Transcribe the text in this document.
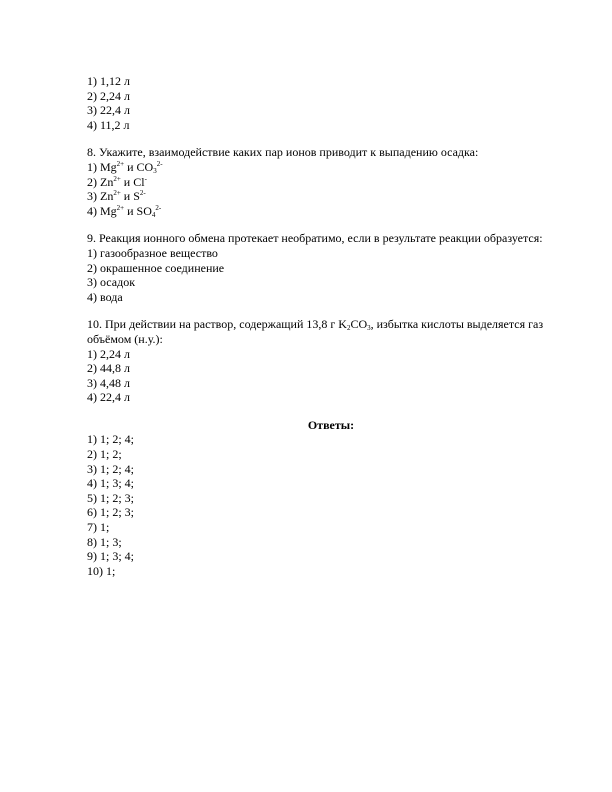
1) 1,12 л
2) 2,24 л
3) 22,4 л
4) 11,2 л
8. Укажите, взаимодействие каких пар ионов приводит к выпадению осадка:
1) $Mg^{2+}$ и $CO_3^{2-}$
2) $Zn^{2+}$ и Cl-
3) $Zn^{2+}$ и $S^{2-}$
4) $Mg^{2+}$ и $SO_4^{2-}$
9. Реакция ионного обмена протекает необратимо, если в результате реакции образуется:
1) газообразное вещество
2) окрашенное соединение
3) осадок
4) вода
10. При действии на раствор, содержащий 13,8 г $K_2CO_3$, избытка кислоты выделяется газ
объёмом (н.у.):
1) 2,24 л
2) 44,8 л
3) 4,48 л
4) 22,4 л
Ответы:
1) 1; 2; 4;
2) 1; 2;
3) 1; 2; 4;
4) 1; 3; 4;
5) 1; 2; 3;
6) 1; 2; 3;
7) 1;
8) 1; 3;
9) 1; 3; 4;
10) 1;
